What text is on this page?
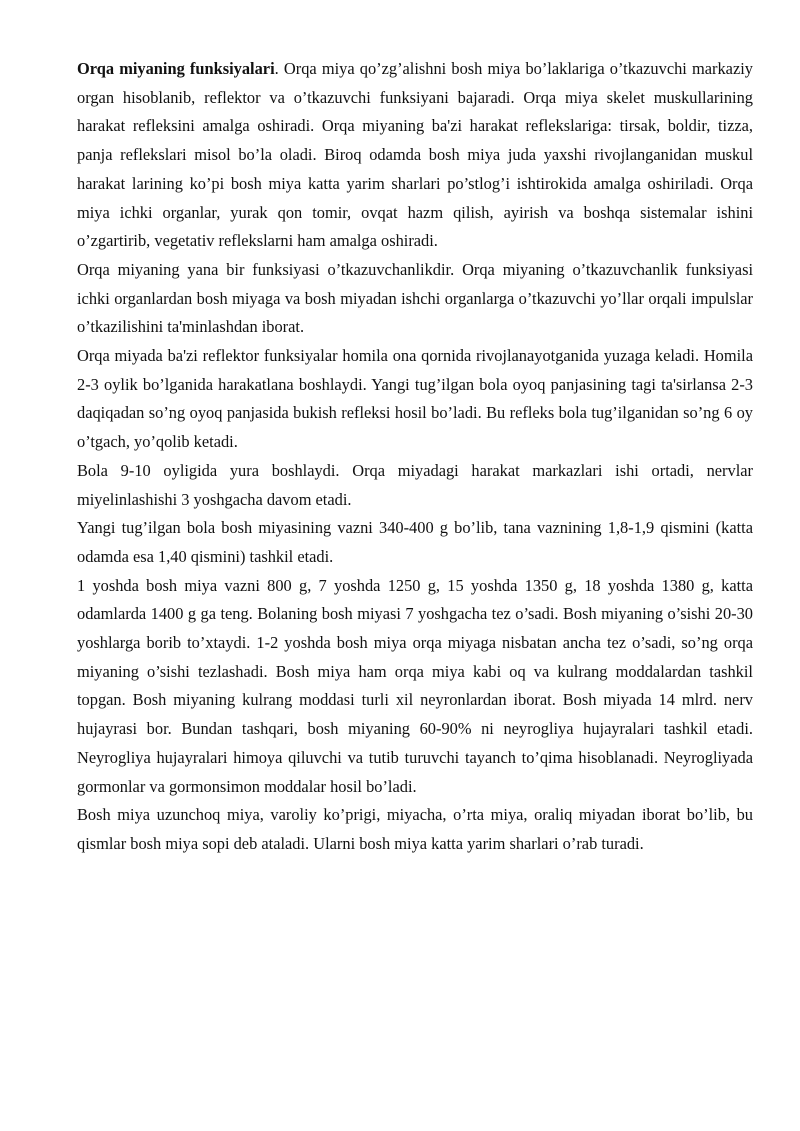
Orqa miyaning funksiyalari. Orqa miya qo’zg’alishni bosh miya bo’laklariga o’tkazuvchi markaziy organ hisoblanib, reflektor va o’tkazuvchi funksiyani bajaradi. Orqa miya skelet muskullarining harakat refleksini amalga oshiradi. Orqa miyaning ba'zi harakat reflekslariga: tirsak, boldir, tizza, panja reflekslari misol bo’la oladi. Biroq odamda bosh miya juda yaxshi rivojlanganidan muskul harakat larining ko’pi bosh miya katta yarim sharlari po’stlog’i ishtirokida amalga oshiriladi. Orqa miya ichki organlar, yurak qon tomir, ovqat hazm qilish, ayirish va boshqa sistemalar ishini o’zgartirib, vegetativ reflekslarni ham amalga oshiradi.

Orqa miyaning yana bir funksiyasi o’tkazuvchanlikdir. Orqa miyaning o’tkazuvchanlik funksiyasi ichki organlardan bosh miyaga va bosh miyadan ishchi organlarga o’tkazuvchi yo’llar orqali impulslar o’tkazilishini ta'minlashdan iborat.

Orqa miyada ba'zi reflektor funksiyalar homila ona qornida rivojlanayotganida yuzaga keladi. Homila 2-3 oylik bo’lganida harakatlana boshlaydi. Yangi tug’ilgan bola oyoq panjasining tagi ta'sirlansa 2-3 daqiqadan so’ng oyoq panjasida bukish refleksi hosil bo’ladi. Bu refleks bola tug’ilganidan so’ng 6 oy o’tgach, yo’qolib ketadi.

Bola 9-10 oyligida yura boshlaydi. Orqa miyadagi harakat markazlari ishi ortadi, nervlar miyelinlashishi 3 yoshgacha davom etadi.

Yangi tug’ilgan bola bosh miyasining vazni 340-400 g bo’lib, tana vaznining 1,8-1,9 qismini (katta odamda esa 1,40 qismini) tashkil etadi.

1 yoshda bosh miya vazni 800 g, 7 yoshda 1250 g, 15 yoshda 1350 g, 18 yoshda 1380 g, katta odamlarda 1400 g ga teng. Bolaning bosh miyasi 7 yoshgacha tez o’sadi. Bosh miyaning o’sishi 20-30 yoshlarga borib to’xtaydi. 1-2 yoshda bosh miya orqa miyaga nisbatan ancha tez o’sadi, so’ng orqa miyaning o’sishi tezlashadi. Bosh miya ham orqa miya kabi oq va kulrang moddalardan tashkil topgan. Bosh miyaning kulrang moddasi turli xil neyronlardan iborat. Bosh miyada 14 mlrd. nerv hujayrasi bor. Bundan tashqari, bosh miyaning 60-90% ni neyrogliya hujayralari tashkil etadi. Neyrogliya hujayralari himoya qiluvchi va tutib turuvchi tayanch to’qima hisoblanadi. Neyrogliyada gormonlar va gormonsimon moddalar hosil bo’ladi.

Bosh miya uzunchoq miya, varoliy ko’prigi, miyacha, o’rta miya, oraliq miyadan iborat bo’lib, bu qismlar bosh miya sopi deb ataladi. Ularni bosh miya katta yarim sharlari o’rab turadi.
